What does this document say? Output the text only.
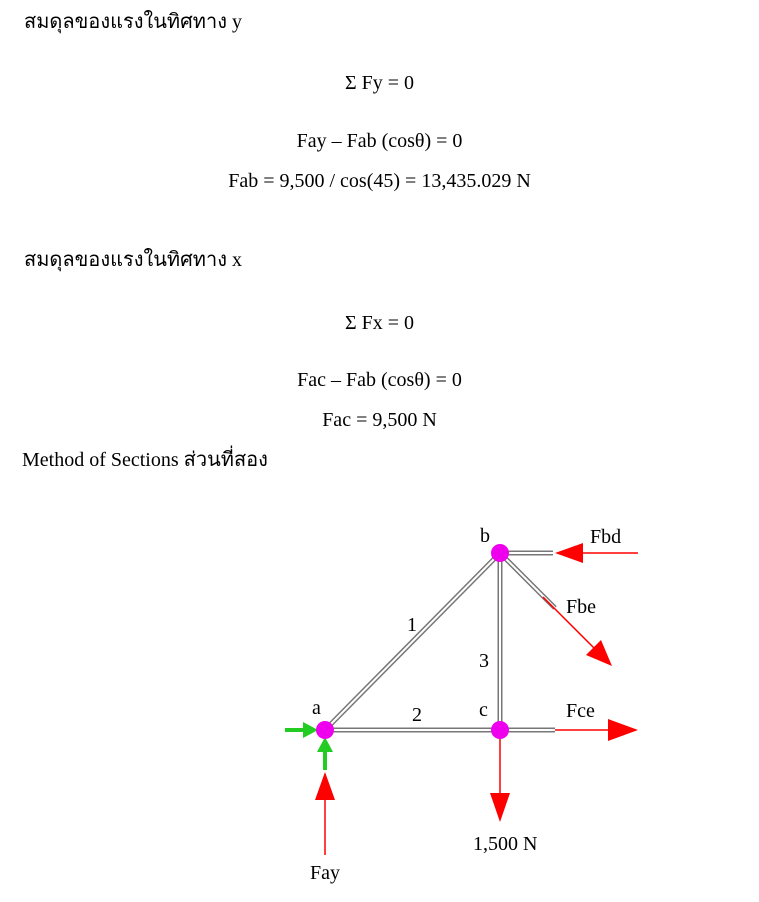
สมดุลของแรงในทิศทาง y
Σ Fy = 0
Fay – Fab (cosθ) = 0
Fab = 9,500 / cos(45) = 13,435.029 N
สมดุลของแรงในทิศทาง x
Σ Fx = 0
Fac – Fab (cosθ) = 0
Fac = 9,500 N
Method of Sections ส่วนที่สอง
b
a	c
1
2
3
Fbd
Fbe
Fce
1,500 N
Fay
